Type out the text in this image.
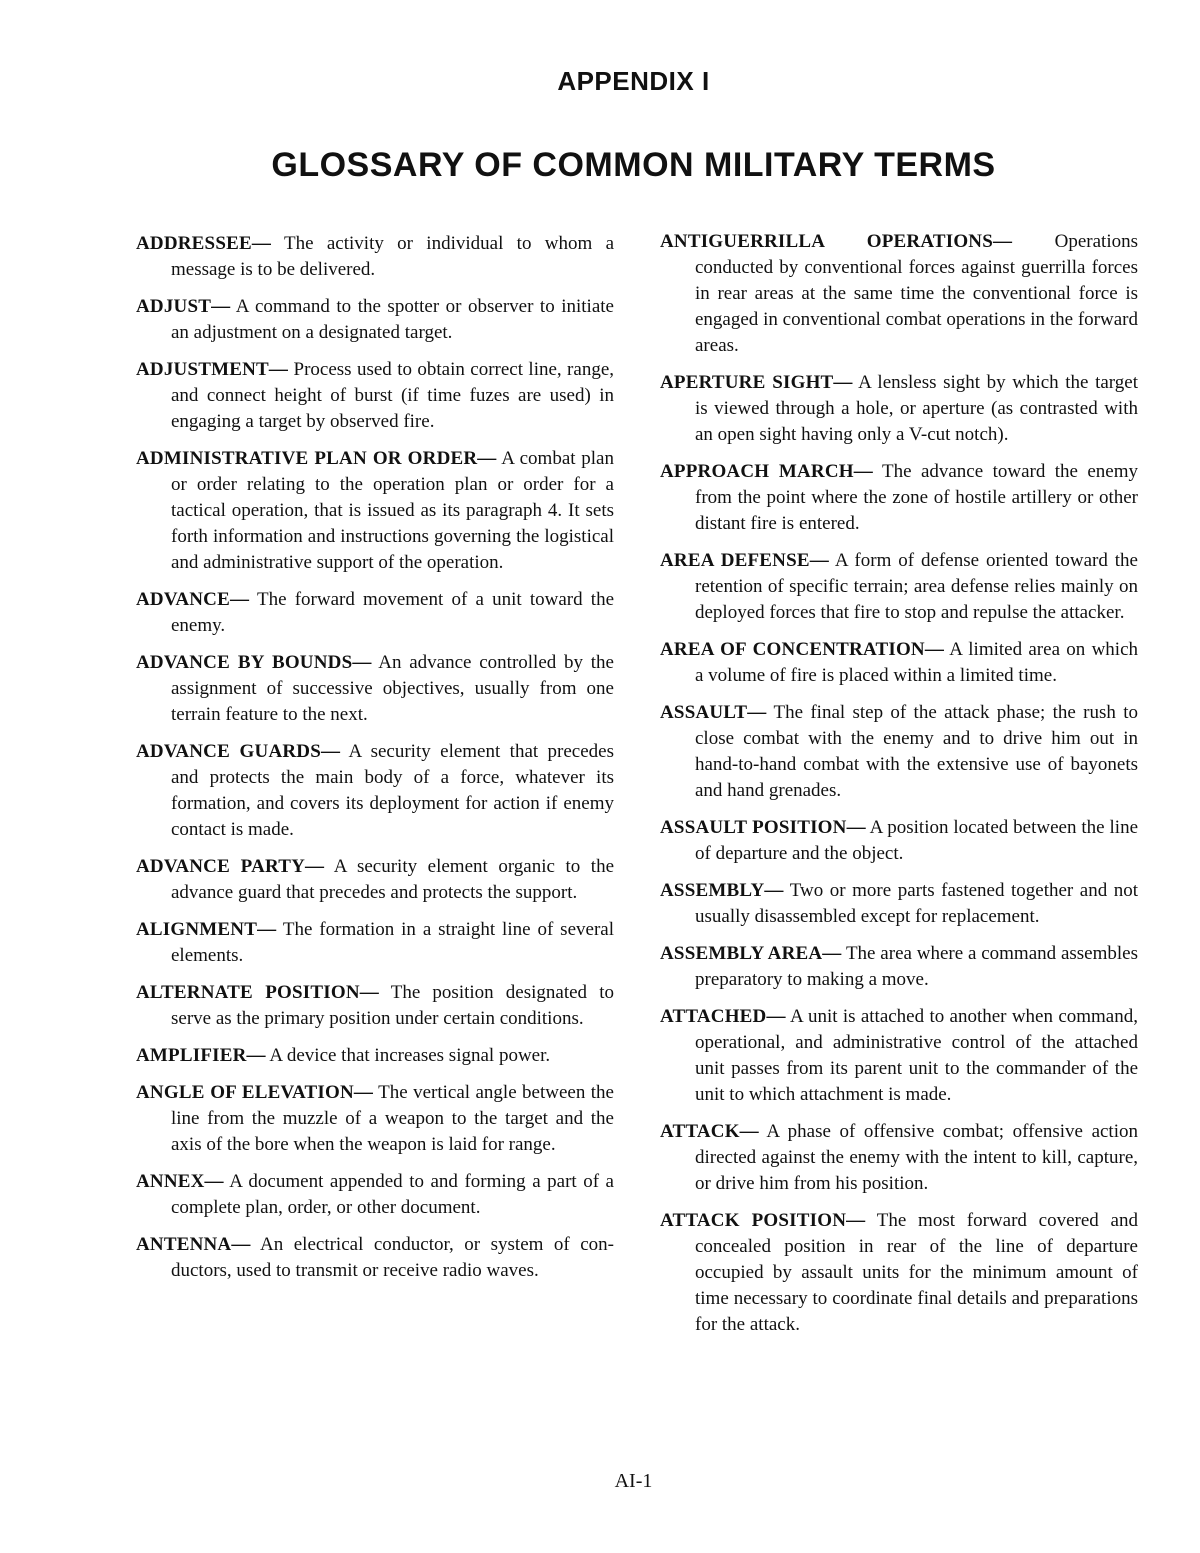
APPENDIX I
GLOSSARY OF COMMON MILITARY TERMS

ADDRESSEE— The activity or individual to whom a message is to be delivered.

ADJUST— A command to the spotter or observer to initiate an adjustment on a designated target.

ADJUSTMENT— Process used to obtain correct line, range, and connect height of burst (if time fuzes are used) in engaging a target by observed fire.

ADMINISTRATIVE PLAN OR ORDER— A combat plan or order relating to the operation plan or order for a tactical operation, that is issued as its paragraph 4. It sets forth information and instructions governing the logistical and administrative support of the operation.

ADVANCE— The forward movement of a unit toward the enemy.

ADVANCE BY BOUNDS— An advance controlled by the assignment of successive objectives, usually from one terrain feature to the next.

ADVANCE GUARDS— A security element that precedes and protects the main body of a force, whatever its formation, and covers its deployment for action if enemy contact is made.

ADVANCE PARTY— A security element organic to the advance guard that precedes and protects the support.

ALIGNMENT— The formation in a straight line of several elements.

ALTERNATE POSITION— The position designated to serve as the primary position under certain conditions.

AMPLIFIER— A device that increases signal power.

ANGLE OF ELEVATION— The vertical angle between the line from the muzzle of a weapon to the target and the axis of the bore when the weapon is laid for range.

ANNEX— A document appended to and forming a part of a complete plan, order, or other document.

ANTENNA— An electrical conductor, or system of con-ductors, used to transmit or receive radio waves.

ANTIGUERRILLA OPERATIONS— Operations conducted by conventional forces against guerrilla forces in rear areas at the same time the conventional force is engaged in conventional combat operations in the forward areas.

APERTURE SIGHT— A lensless sight by which the target is viewed through a hole, or aperture (as contrasted with an open sight having only a V-cut notch).

APPROACH MARCH— The advance toward the enemy from the point where the zone of hostile artillery or other distant fire is entered.

AREA DEFENSE— A form of defense oriented toward the retention of specific terrain; area defense relies mainly on deployed forces that fire to stop and repulse the attacker.

AREA OF CONCENTRATION— A limited area on which a volume of fire is placed within a limited time.

ASSAULT— The final step of the attack phase; the rush to close combat with the enemy and to drive him out in hand-to-hand combat with the extensive use of bayonets and hand grenades.

ASSAULT POSITION— A position located between the line of departure and the object.

ASSEMBLY— Two or more parts fastened together and not usually disassembled except for replacement.

ASSEMBLY AREA— The area where a command assembles preparatory to making a move.

ATTACHED— A unit is attached to another when command, operational, and administrative control of the attached unit passes from its parent unit to the commander of the unit to which attachment is made.

ATTACK— A phase of offensive combat; offensive action directed against the enemy with the intent to kill, capture, or drive him from his position.

ATTACK POSITION— The most forward covered and concealed position in rear of the line of departure occupied by assault units for the minimum amount of time necessary to coordinate final details and preparations for the attack.

AI-1
